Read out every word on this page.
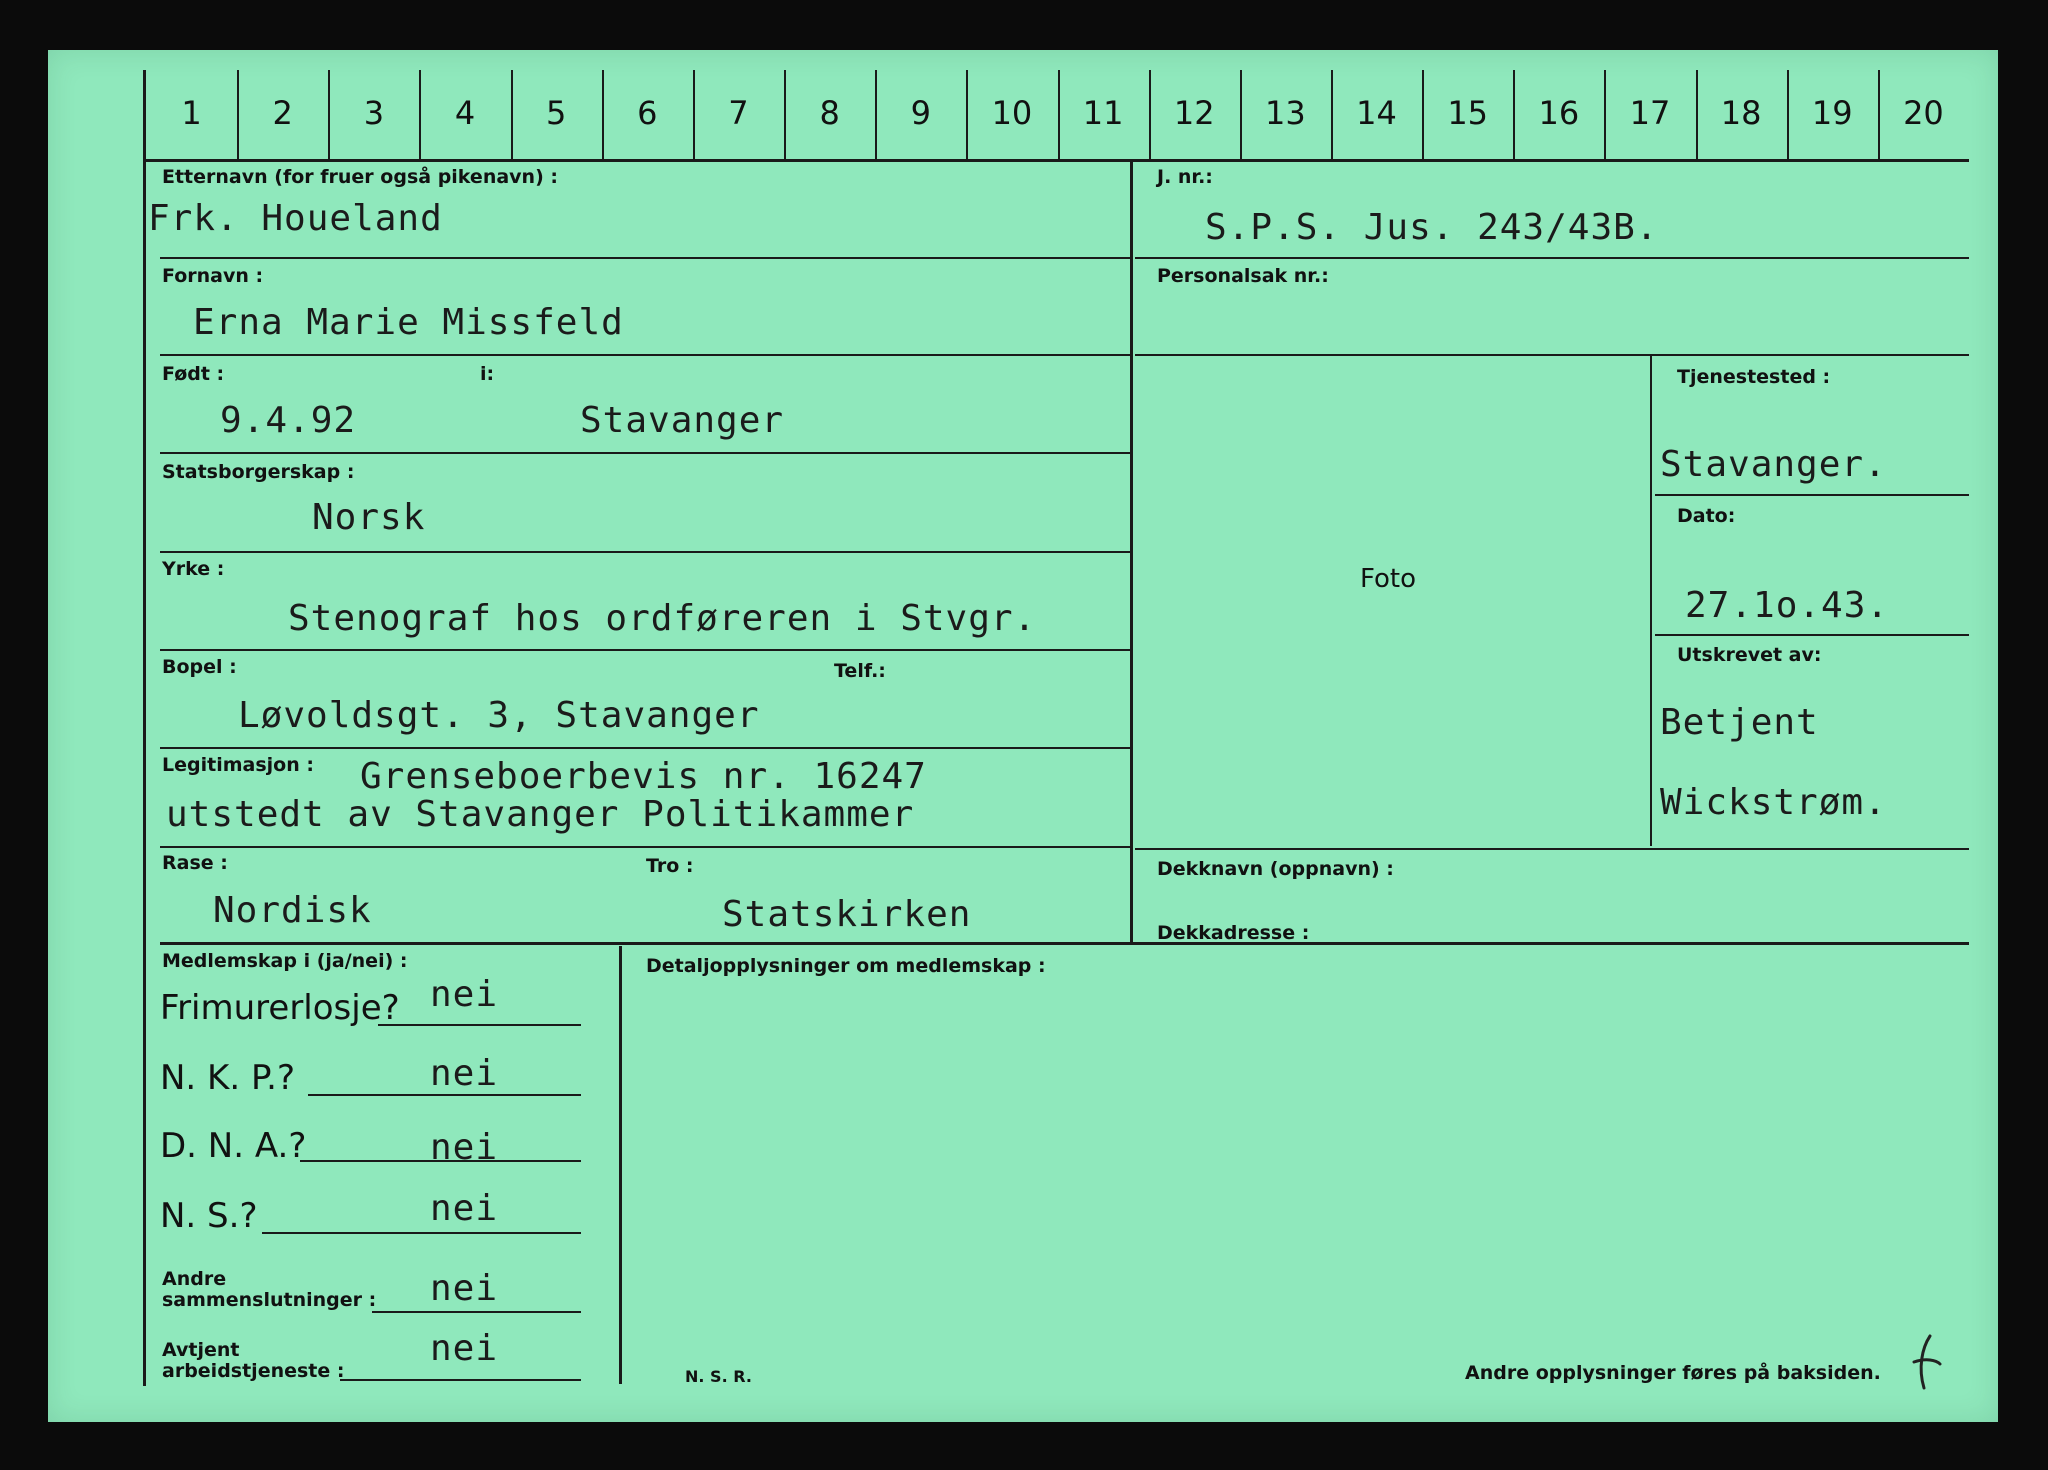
1	2	3	4	5	6	7	8	9	10	11	12	13	14	15	16	17	18	19	20
Etternavn (for fruer også pikenavn) :
Frk. Houeland
Fornavn :
Erna Marie Missfeld
Født :	i:
9.4.92	Stavanger
Statsborgerskap :
Norsk
Yrke :
Stenograf hos ordføreren i Stvgr.
Bopel :	Telf.:
Løvoldsgt. 3, Stavanger
Legitimasjon : Grenseboerbevis nr. 16247
utstedt av Stavanger Politikammer
Rase :	Tro :
Nordisk	Statskirken
J. nr.:
S.P.S. Jus. 243/43B.
Personalsak nr.:
Foto
Tjenestested :
Stavanger.
Dato:
27.1o.43.
Utskrevet av:
Betjent
Wickstrøm.
Dekknavn (oppnavn) :
Dekkadresse :
Medlemskap i (ja/nei) :	Detaljopplysninger om medlemskap :
Frimurerlosje? nei
N. K. P.?	nei
D. N. A.?	nei
N. S.?	nei
Andre
sammenslutninger : nei
Avtjent
arbeidstjeneste :
nei
N. S. R.	Andre opplysninger føres på baksiden.
